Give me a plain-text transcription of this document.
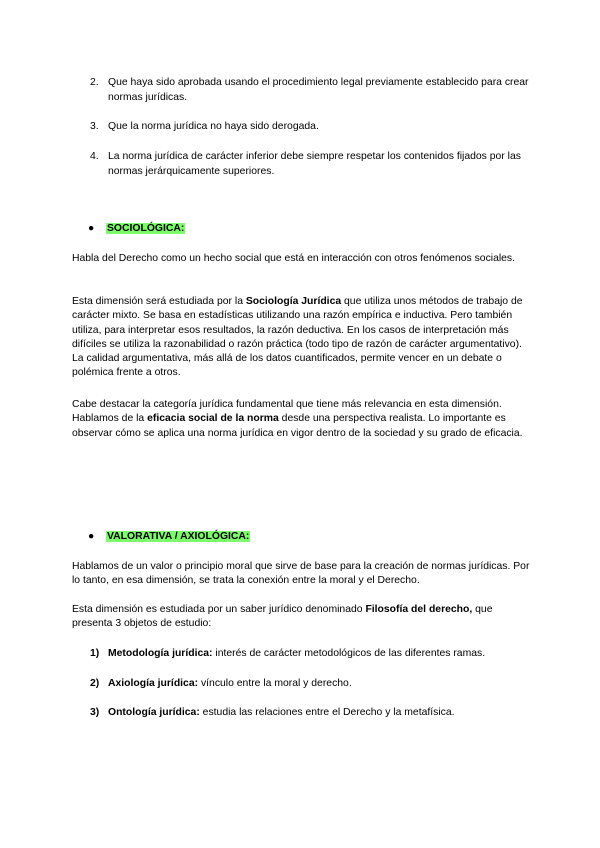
2. Que haya sido aprobada usando el procedimiento legal previamente establecido para crear normas jurídicas.
3. Que la norma jurídica no haya sido derogada.
4. La norma jurídica de carácter inferior debe siempre respetar los contenidos fijados por las normas jerárquicamente superiores.
● SOCIOLÓGICA:
Habla del Derecho como un hecho social que está en interacción con otros fenómenos sociales.
Esta dimensión será estudiada por la Sociología Jurídica que utiliza unos métodos de trabajo de carácter mixto. Se basa en estadísticas utilizando una razón empírica e inductiva. Pero también utiliza, para interpretar esos resultados, la razón deductiva. En los casos de interpretación más difíciles se utiliza la razonabilidad o razón práctica (todo tipo de razón de carácter argumentativo). La calidad argumentativa, más allá de los datos cuantificados, permite vencer en un debate o polémica frente a otros.
Cabe destacar la categoría jurídica fundamental que tiene más relevancia en esta dimensión. Hablamos de la eficacia social de la norma desde una perspectiva realista. Lo importante es observar cómo se aplica una norma jurídica en vigor dentro de la sociedad y su grado de eficacia.
● VALORATIVA / AXIOLÓGICA:
Hablamos de un valor o principio moral que sirve de base para la creación de normas jurídicas. Por lo tanto, en esa dimensión, se trata la conexión entre la moral y el Derecho.
Esta dimensión es estudiada por un saber jurídico denominado Filosofía del derecho, que presenta 3 objetos de estudio:
1) Metodología jurídica: interés de carácter metodológicos de las diferentes ramas.
2) Axiología jurídica: vínculo entre la moral y derecho.
3) Ontología jurídica: estudia las relaciones entre el Derecho y la metafísica.
